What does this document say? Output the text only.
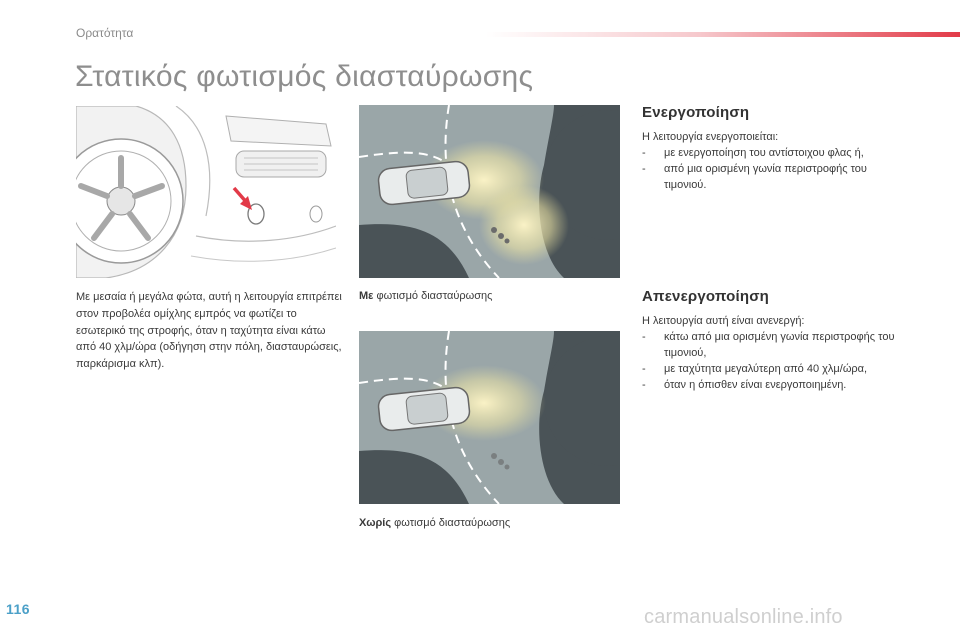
Ορατότητα
Στατικός φωτισμός διασταύρωσης
Με μεσαία ή μεγάλα φώτα, αυτή η λειτουργία επιτρέπει στον προβολέα ομίχλης εμπρός να φωτίζει το εσωτερικό της στροφής, όταν η ταχύτητα είναι κάτω από 40 χλμ/ώρα (οδήγηση στην πόλη, διασταυρώσεις, παρκάρισμα κλπ).
Με φωτισμό διασταύρωσης
Χωρίς φωτισμό διασταύρωσης
Ενεργοποίηση

Η λειτουργία ενεργοποιείται:

- με ενεργοποίηση του αντίστοιχου φλας ή,
- από μια ορισμένη γωνία περιστροφής του τιμονιού.
Απενεργοποίηση

Η λειτουργία αυτή είναι ανενεργή:

- κάτω από μια ορισμένη γωνία περιστροφής του τιμονιού,
- με ταχύτητα μεγαλύτερη από 40 χλμ/ώρα,
- όταν η όπισθεν είναι ενεργοποιημένη.
116	carmanualsonline.info
